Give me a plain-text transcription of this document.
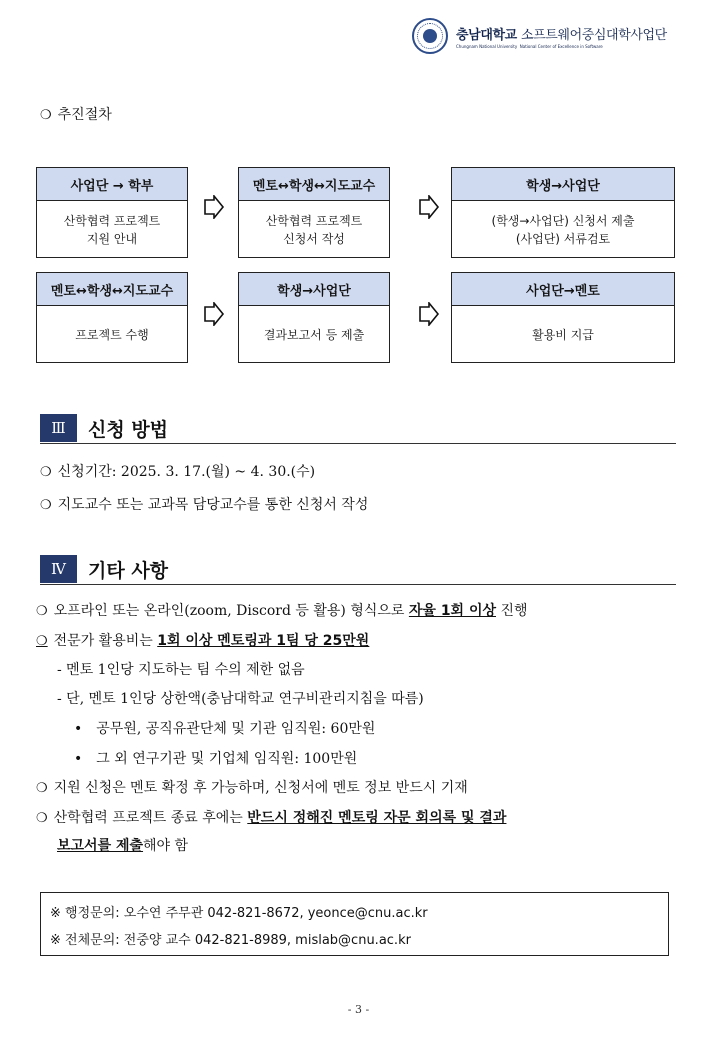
충남대학교 소프트웨어중심대학사업단
Chungnam National University National Center of Excellence in Software
❍ 추진절차
사업단 → 학부
산학협력 프로젝트
지원 안내
멘토↔학생↔지도교수
산학협력 프로젝트
신청서 작성
학생→사업단
(학생→사업단) 신청서 제출
(사업단) 서류검토
멘토↔학생↔지도교수
프로젝트 수행
학생→사업단
결과보고서 등 제출
사업단→멘토
활용비 지급
Ⅲ	신청 방법
❍ 신청기간: 2025. 3. 17.(월) ~ 4. 30.(수)
❍ 지도교수 또는 교과목 담당교수를 통한 신청서 작성
Ⅳ	기타 사항
❍ 오프라인 또는 온라인(zoom, Discord 등 활용) 형식으로 자율 1회 이상 진행
❍ 전문가 활용비는 1회 이상 멘토링과 1팀 당 25만원
- 멘토 1인당 지도하는 팀 수의 제한 없음
- 단, 멘토 1인당 상한액(충남대학교 연구비관리지침을 따름)
• 공무원, 공직유관단체 및 기관 임직원: 60만원
• 그 외 연구기관 및 기업체 임직원: 100만원
❍ 지원 신청은 멘토 확정 후 가능하며, 신청서에 멘토 정보 반드시 기재
❍ 산학협력 프로젝트 종료 후에는 반드시 정해진 멘토링 자문 회의록 및 결과
보고서를 제출해야 함
※ 행정문의: 오수연 주무관 042-821-8672, yeonce@cnu.ac.kr
※ 전체문의: 전중양 교수 042-821-8989, mislab@cnu.ac.kr
- 3 -
